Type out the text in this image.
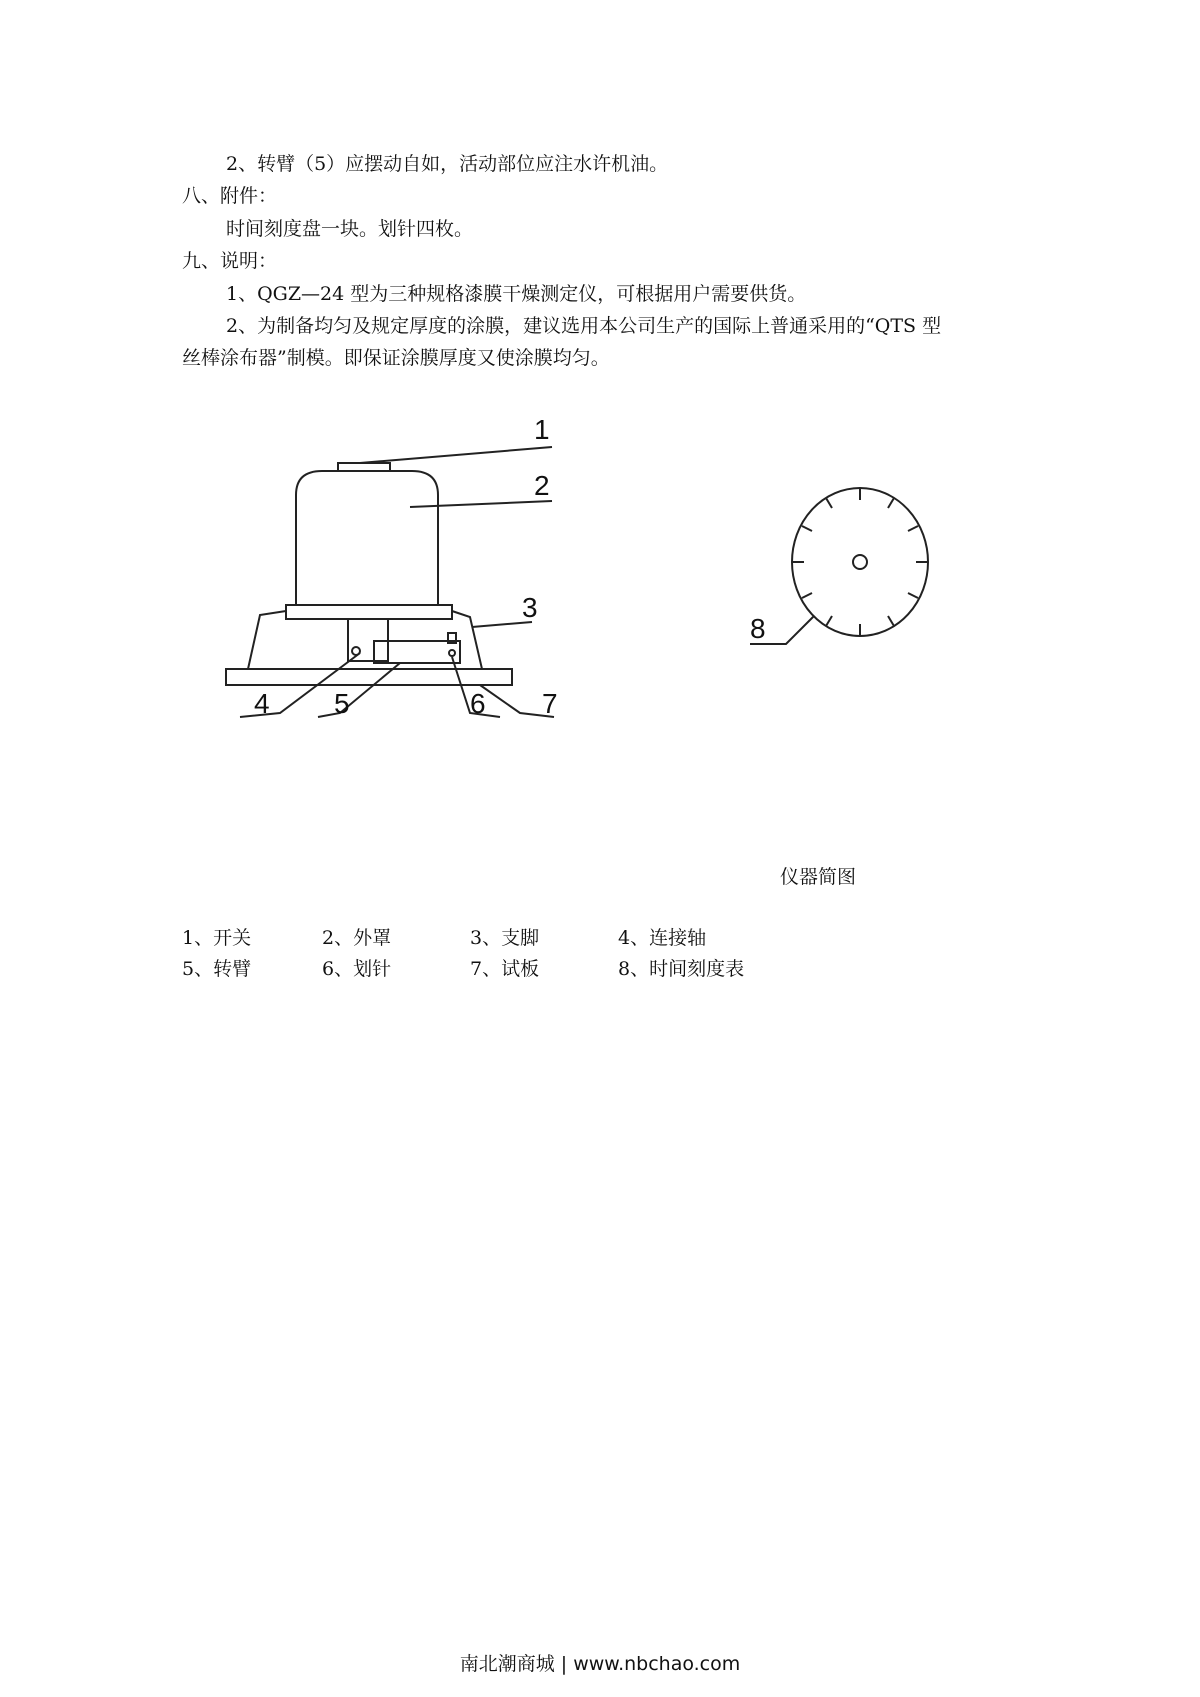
2、转臂（5）应摆动自如，活动部位应注水许机油。
八、附件：
时间刻度盘一块。划针四枚。
九、说明：
1、QGZ—24 型为三种规格漆膜干燥测定仪，可根据用户需要供货。
2、为制备均匀及规定厚度的涂膜，建议选用本公司生产的国际上普通采用的“QTS 型
丝棒涂布器”制模。即保证涂膜厚度又使涂膜均匀。
1
2
3
4 5	6 7
8
仪器简图
1、开关	2、外罩	3、支脚	4、连接轴
5、转臂	6、划针	7、试板	8、时间刻度表
南北潮商城 | www.nbchao.com
